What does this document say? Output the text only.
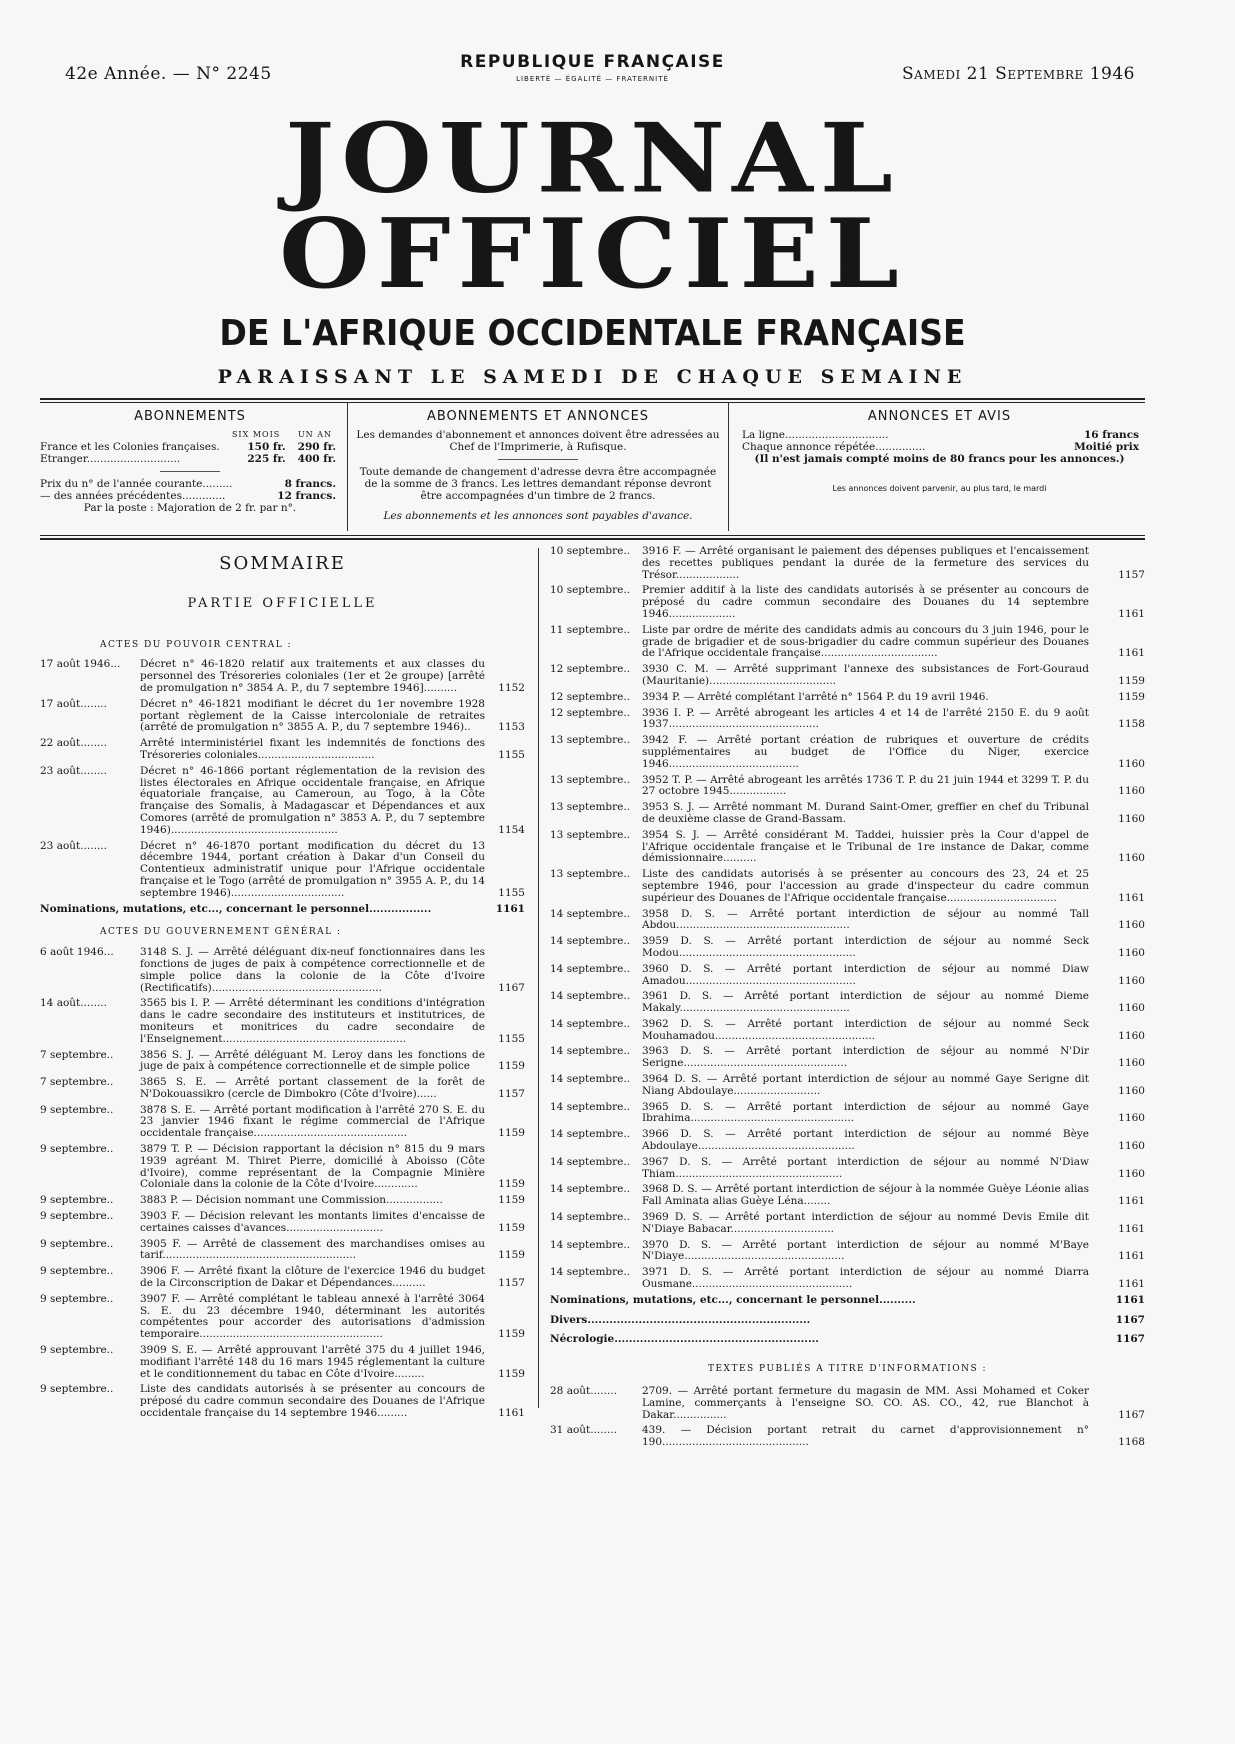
42e Année. — N° 2245
REPUBLIQUE FRANÇAISE
LIBERTÉ — ÉGALITÉ — FRATERNITÉ	Samedi 21 Septembre 1946
JOURNAL OFFICIEL
DE L'AFRIQUE OCCIDENTALE FRANÇAISE
PARAISSANT LE SAMEDI DE CHAQUE SEMAINE
ABONNEMENTS
SIX MOIS UN AN
France et les Colonies françaises.	150 fr. 290 fr.
Etranger............................	225 fr. 400 fr.
Prix du n° de l'année courante.........	8 francs.
— des années précédentes.............	12 francs.
Par la poste : Majoration de 2 fr. par n°.
ABONNEMENTS ET ANNONCES

Les demandes d'abonnement et annonces doivent être adressées au Chef de l'Imprimerie, à Rufisque.

Toute demande de changement d'adresse devra être accompagnée de la somme de 3 francs. Les lettres demandant réponse devront être accompagnées d'un timbre de 2 francs.

Les abonnements et les annonces sont payables d'avance.
ANNONCES ET AVIS
La ligne...............................	16 francs
Chaque annonce répétée...............	Moitié prix
(Il n'est jamais compté moins de 80 francs pour les annonces.)
Les annonces doivent parvenir, au plus tard, le mardi
SOMMAIRE
PARTIE OFFICIELLE
ACTES DU POUVOIR CENTRAL :
17 août 1946...	Décret n° 46-1820 relatif aux traitements et aux classes du personnel des Trésoreries coloniales (1er et 2e groupe) [arrêté de promulgation n° 3854 A. P., du 7 septembre 1946]..........	1152
17 août........	Décret n° 46-1821 modifiant le décret du 1er novembre 1928 portant règlement de la Caisse intercoloniale de retraites (arrêté de promulgation n° 3855 A. P., du 7 septembre 1946)..	1153
22 août........	Arrêté interministériel fixant les indemnités de fonctions des Trésoreries coloniales...................................	1155
23 août........	Décret n° 46-1866 portant réglementation de la revision des listes électorales en Afrique occidentale française, en Afrique équatoriale française, au Cameroun, au Togo, à la Côte française des Somalis, à Madagascar et Dépendances et aux Comores (arrêté de promulgation n° 3853 A. P., du 7 septembre 1946)..................................................	1154
23 août........	Décret n° 46-1870 portant modification du décret du 13 décembre 1944, portant création à Dakar d'un Conseil du Contentieux administratif unique pour l'Afrique occidentale française et le Togo (arrêté de promulgation n° 3955 A. P., du 14 septembre 1946)..................................	1155
Nominations, mutations, etc..., concernant le personnel.................	1161
ACTES DU GOUVERNEMENT GÉNÉRAL :
6 août 1946...	3148 S. J. — Arrêté déléguant dix-neuf fonctionnaires dans les fonctions de juges de paix à compétence correctionnelle et de simple police dans la colonie de la Côte d'Ivoire (Rectificatifs)...................................................	1167
14 août........	3565 bis I. P. — Arrêté déterminant les conditions d'intégration dans le cadre secondaire des instituteurs et institutrices, de moniteurs et monitrices du cadre secondaire de l'Enseignement.......................................................	1155
7 septembre..	3856 S. J. — Arrêté déléguant M. Leroy dans les fonctions de juge de paix à compétence correctionnelle et de simple police	1159
7 septembre..	3865 S. E. — Arrêté portant classement de la forêt de N'Dokouassikro (cercle de Dimbokro (Côte d'Ivoire)......	1157
9 septembre..	3878 S. E. — Arrêté portant modification à l'arrêté 270 S. E. du 23 janvier 1946 fixant le régime commercial de l'Afrique occidentale française..............................................	1159
9 septembre..	3879 T. P. — Décision rapportant la décision n° 815 du 9 mars 1939 agréant M. Thiret Pierre, domicilié à Aboisso (Côte d'Ivoire), comme représentant de la Compagnie Minière Coloniale dans la colonie de la Côte d'Ivoire.............	1159
9 septembre..	3883 P. — Décision nommant une Commission.................	1159
9 septembre..	3903 F. — Décision relevant les montants limites d'encaisse de certaines caisses d'avances.............................	1159
9 septembre..	3905 F. — Arrêté de classement des marchandises omises au tarif..........................................................	1159
9 septembre..	3906 F. — Arrêté fixant la clôture de l'exercice 1946 du budget de la Circonscription de Dakar et Dépendances..........	1157
9 septembre..	3907 F. — Arrêté complétant le tableau annexé à l'arrêté 3064 S. E. du 23 décembre 1940, déterminant les autorités compétentes pour accorder des autorisations d'admission temporaire.......................................................	1159
9 septembre..	3909 S. E. — Arrêté approuvant l'arrêté 375 du 4 juillet 1946, modifiant l'arrêté 148 du 16 mars 1945 réglementant la culture et le conditionnement du tabac en Côte d'Ivoire.........	1159
9 septembre..	Liste des candidats autorisés à se présenter au concours de préposé du cadre commun secondaire des Douanes de l'Afrique occidentale française du 14 septembre 1946.........	1161
10 septembre..	3916 F. — Arrêté organisant le paiement des dépenses publiques et l'encaissement des recettes publiques pendant la durée de la fermeture des services du Trésor...................	1157
10 septembre..	Premier additif à la liste des candidats autorisés à se présenter au concours de préposé du cadre commun secondaire des Douanes du 14 septembre 1946....................	1161
11 septembre..	Liste par ordre de mérite des candidats admis au concours du 3 juin 1946, pour le grade de brigadier et de sous-brigadier du cadre commun supérieur des Douanes de l'Afrique occidentale française...................................	1161
12 septembre..	3930 C. M. — Arrêté supprimant l'annexe des subsistances de Fort-Gouraud (Mauritanie)......................................	1159
12 septembre..	3934 P. — Arrêté complétant l'arrêté n° 1564 P. du 19 avril 1946.	1159
12 septembre..	3936 I. P. — Arrêté abrogeant les articles 4 et 14 de l'arrêté 2150 E. du 9 août 1937.............................................	1158
13 septembre..	3942 F. — Arrêté portant création de rubriques et ouverture de crédits supplémentaires au budget de l'Office du Niger, exercice 1946.......................................	1160
13 septembre..	3952 T. P. — Arrêté abrogeant les arrêtés 1736 T. P. du 21 juin 1944 et 3299 T. P. du 27 octobre 1945.................	1160
13 septembre..	3953 S. J. — Arrêté nommant M. Durand Saint-Omer, greffier en chef du Tribunal de deuxième classe de Grand-Bassam.	1160
13 septembre..	3954 S. J. — Arrêté considérant M. Taddei, huissier près la Cour d'appel de l'Afrique occidentale française et le Tribunal de 1re instance de Dakar, comme démissionnaire..........	1160
13 septembre..	Liste des candidats autorisés à se présenter au concours des 23, 24 et 25 septembre 1946, pour l'accession au grade d'inspecteur du cadre commun supérieur des Douanes de l'Afrique occidentale française.................................	1161
14 septembre..	3958 D. S. — Arrêté portant interdiction de séjour au nommé Tall Abdou....................................................	1160
14 septembre..	3959 D. S. — Arrêté portant interdiction de séjour au nommé Seck Modou.....................................................	1160
14 septembre..	3960 D. S. — Arrêté portant interdiction de séjour au nommé Diaw Amadou...................................................	1160
14 septembre..	3961 D. S. — Arrêté portant interdiction de séjour au nommé Dieme Makaly...................................................	1160
14 septembre..	3962 D. S. — Arrêté portant interdiction de séjour au nommé Seck Mouhamadou................................................	1160
14 septembre..	3963 D. S. — Arrêté portant interdiction de séjour au nommé N'Dir Serigne.................................................	1160
14 septembre..	3964 D. S. — Arrêté portant interdiction de séjour au nommé Gaye Serigne dit Niang Abdoulaye..........................	1160
14 septembre..	3965 D. S. — Arrêté portant interdiction de séjour au nommé Gaye Ibrahima.................................................	1160
14 septembre..	3966 D. S. — Arrêté portant interdiction de séjour au nommé Bèye Abdoulaye...............................................	1160
14 septembre..	3967 D. S. — Arrêté portant interdiction de séjour au nommé N'Diaw Thiam..................................................	1160
14 septembre..	3968 D. S. — Arrêté portant interdiction de séjour à la nommée Guèye Léonie alias Fall Aminata alias Guèye Léna........	1161
14 septembre..	3969 D. S. — Arrêté portant interdiction de séjour au nommé Devis Emile dit N'Diaye Babacar...............................	1161
14 septembre..	3970 D. S. — Arrêté portant interdiction de séjour au nommé M'Baye N'Diaye................................................	1161
14 septembre..	3971 D. S. — Arrêté portant interdiction de séjour au nommé Diarra Ousmane................................................	1161
Nominations, mutations, etc..., concernant le personnel..........	1161
Divers.............................................................	1167
Nécrologie........................................................	1167
TEXTES PUBLIÉS A TITRE D'INFORMATIONS :
28 août........	2709. — Arrêté portant fermeture du magasin de MM. Assi Mohamed et Coker Lamine, commerçants à l'enseigne SO. CO. AS. CO., 42, rue Blanchot à Dakar................	1167
31 août........	439. — Décision portant retrait du carnet d'approvisionnement n° 190............................................	1168
